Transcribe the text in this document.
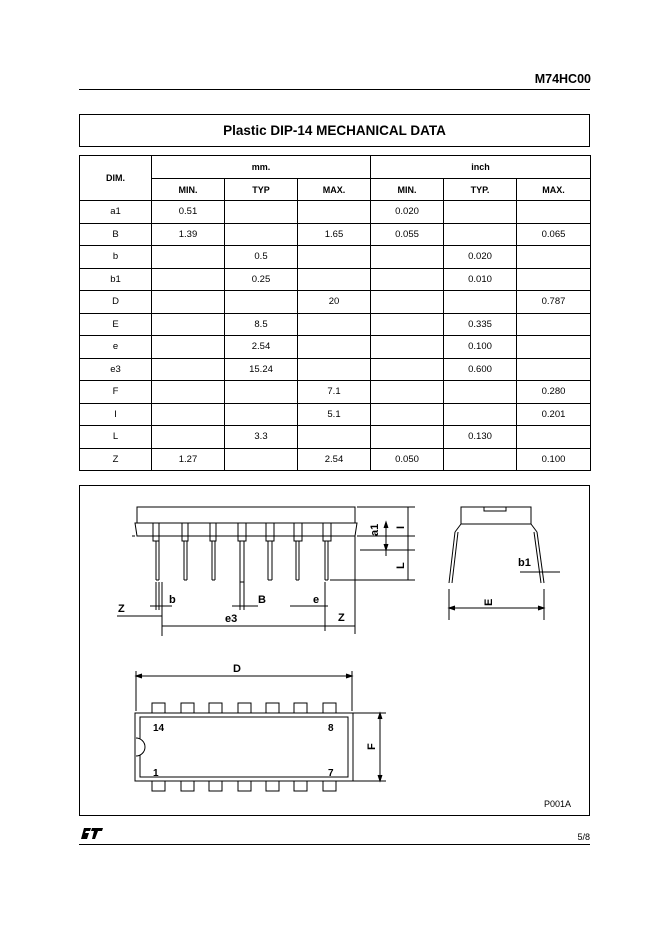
M74HC00
Plastic DIP-14 MECHANICAL DATA
DIM.	mm.			inch		
	MIN.	TYP	MAX.	MIN.	TYP.	MAX.
a1	0.51			0.020		
B	1.39		1.65	0.055		0.065
b		0.5			0.020	
b1		0.25			0.010	
D			20			0.787
E		8.5			0.335	
e		2.54			0.100	
e3		15.24			0.600	
F			7.1			0.280
I			5.1			0.201
L		3.3			0.130	
Z	1.27		2.54	0.050		0.100
a1 I
L	b1
E
Z
b	B	e
e3	Z
D
F
14	8
1	7
P001A
5/8
